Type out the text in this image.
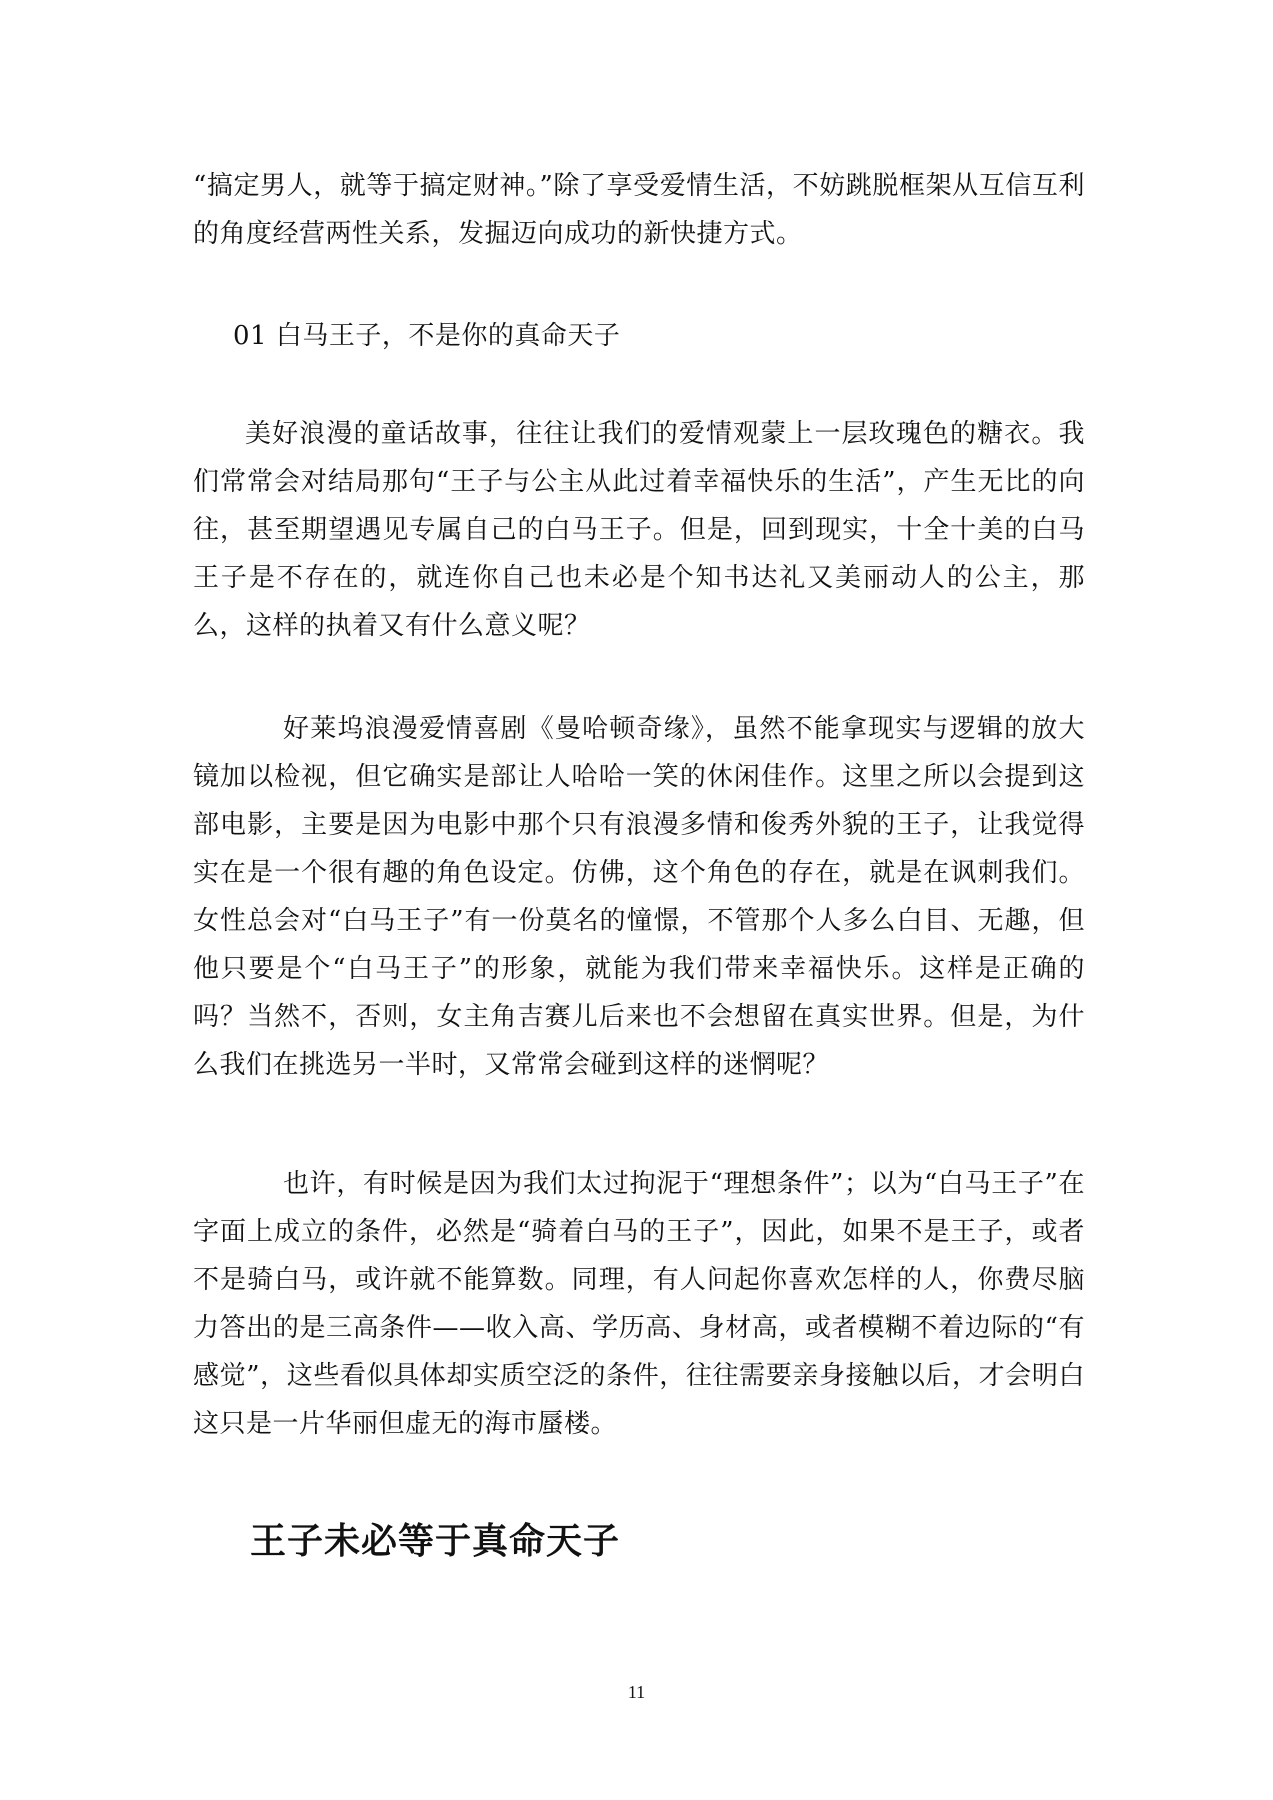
“搞定男人，就等于搞定财神。”除了享受爱情生活，不妨跳脱框架从互信互利的角度经营两性关系，发掘迈向成功的新快捷方式。
01 白马王子，不是你的真命天子
美好浪漫的童话故事，往往让我们的爱情观蒙上一层玫瑰色的糖衣。我们常常会对结局那句“王子与公主从此过着幸福快乐的生活”，产生无比的向往，甚至期望遇见专属自己的白马王子。但是，回到现实，十全十美的白马王子是不存在的，就连你自己也未必是个知书达礼又美丽动人的公主，那么，这样的执着又有什么意义呢？
好莱坞浪漫爱情喜剧《曼哈顿奇缘》，虽然不能拿现实与逻辑的放大镜加以检视，但它确实是部让人哈哈一笑的休闲佳作。这里之所以会提到这部电影，主要是因为电影中那个只有浪漫多情和俊秀外貌的王子，让我觉得实在是一个很有趣的角色设定。仿佛，这个角色的存在，就是在讽刺我们。女性总会对“白马王子”有一份莫名的憧憬，不管那个人多么白目、无趣，但他只要是个“白马王子”的形象，就能为我们带来幸福快乐。这样是正确的吗？当然不，否则，女主角吉赛儿后来也不会想留在真实世界。但是，为什么我们在挑选另一半时，又常常会碰到这样的迷惘呢？
也许，有时候是因为我们太过拘泥于“理想条件”；以为“白马王子”在字面上成立的条件，必然是“骑着白马的王子”，因此，如果不是王子，或者不是骑白马，或许就不能算数。同理，有人问起你喜欢怎样的人，你费尽脑力答出的是三高条件——收入高、学历高、身材高，或者模糊不着边际的“有感觉”，这些看似具体却实质空泛的条件，往往需要亲身接触以后，才会明白这只是一片华丽但虚无的海市蜃楼。
王子未必等于真命天子
11
